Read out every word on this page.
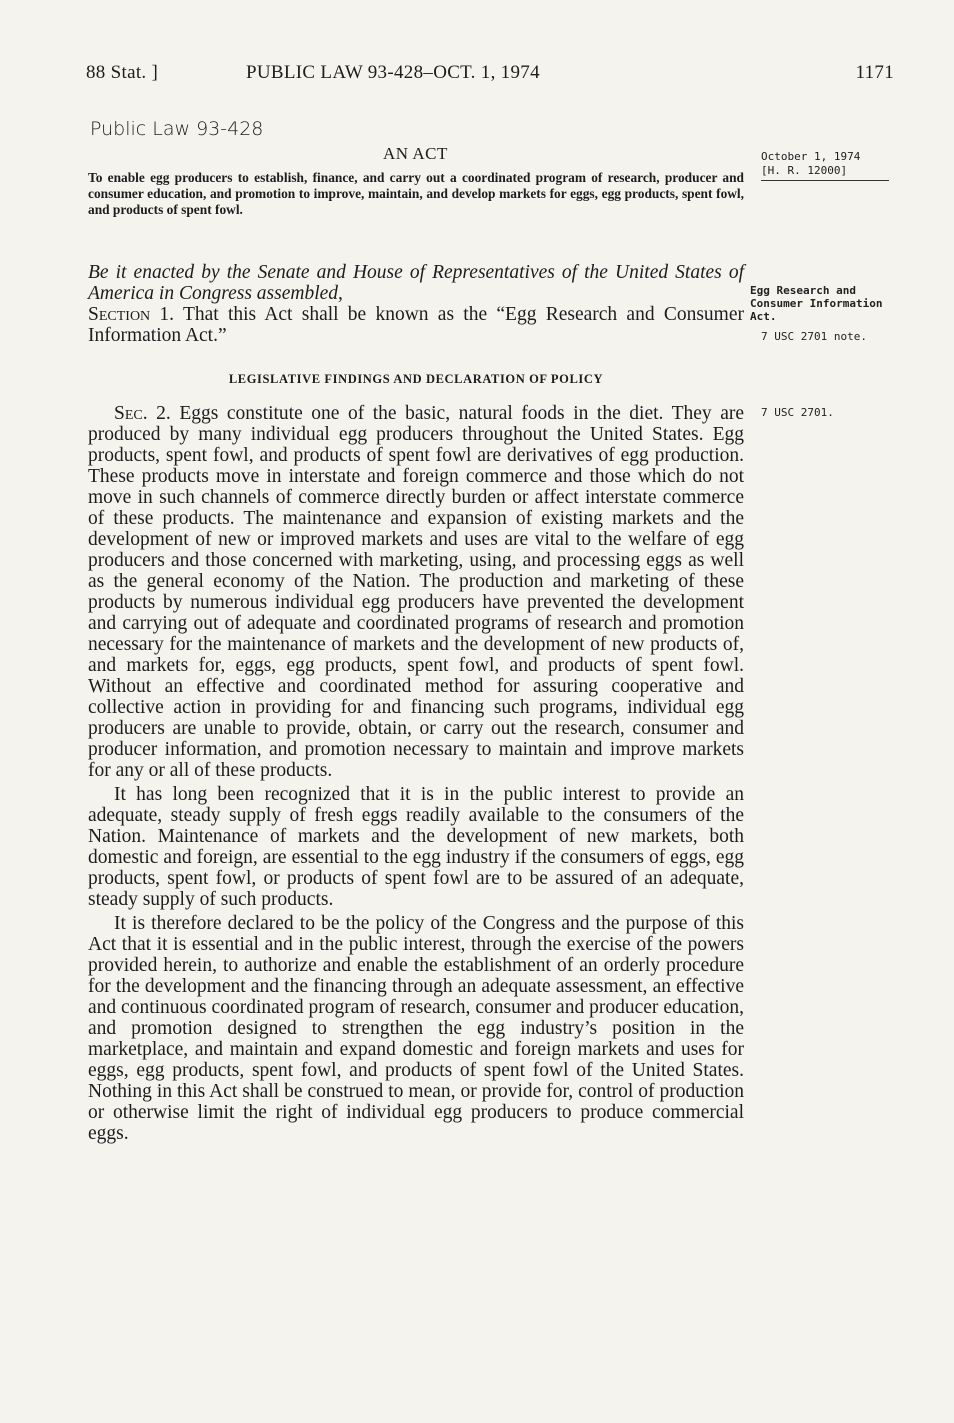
88 Stat. ]	PUBLIC LAW 93-428–OCT. 1, 1974	1171
Public Law 93-428
AN ACT
To enable egg producers to establish, finance, and carry out a coordinated program of research, producer and consumer education, and promotion to improve, maintain, and develop markets for eggs, egg products, spent fowl, and products of spent fowl.
October 1, 1974
[H. R. 12000]
Be it enacted by the Senate and House of Representatives of the United States of America in Congress assembled,
Section 1. That this Act shall be known as the “Egg Research and Consumer Information Act.”
Egg Research and Consumer Information Act.
7 USC 2701 note.
7 USC 2701.
LEGISLATIVE FINDINGS AND DECLARATION OF POLICY

Sec. 2. Eggs constitute one of the basic, natural foods in the diet. They are produced by many individual egg producers throughout the United States. Egg products, spent fowl, and products of spent fowl are derivatives of egg production. These products move in interstate and foreign commerce and those which do not move in such channels of commerce directly burden or affect interstate commerce of these products. The maintenance and expansion of existing markets and the development of new or improved markets and uses are vital to the welfare of egg producers and those concerned with marketing, using, and processing eggs as well as the general economy of the Nation. The production and marketing of these products by numerous individual egg producers have prevented the development and carrying out of adequate and coordinated programs of research and promotion necessary for the maintenance of markets and the development of new products of, and markets for, eggs, egg products, spent fowl, and products of spent fowl. Without an effective and coordinated method for assuring cooperative and collective action in providing for and financing such programs, individual egg producers are unable to provide, obtain, or carry out the research, consumer and producer information, and promotion necessary to maintain and improve markets for any or all of these products.

It has long been recognized that it is in the public interest to provide an adequate, steady supply of fresh eggs readily available to the consumers of the Nation. Maintenance of markets and the development of new markets, both domestic and foreign, are essential to the egg industry if the consumers of eggs, egg products, spent fowl, or products of spent fowl are to be assured of an adequate, steady supply of such products.

It is therefore declared to be the policy of the Congress and the purpose of this Act that it is essential and in the public interest, through the exercise of the powers provided herein, to authorize and enable the establishment of an orderly procedure for the development and the financing through an adequate assessment, an effective and continuous coordinated program of research, consumer and producer education, and promotion designed to strengthen the egg industry’s position in the marketplace, and maintain and expand domestic and foreign markets and uses for eggs, egg products, spent fowl, and products of spent fowl of the United States. Nothing in this Act shall be construed to mean, or provide for, control of production or otherwise limit the right of individual egg producers to produce commercial eggs.
